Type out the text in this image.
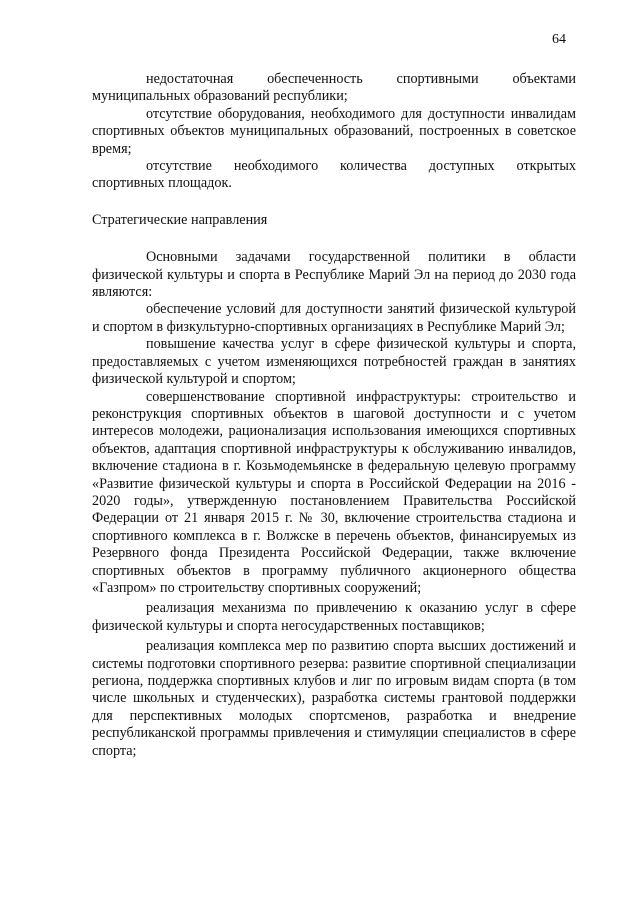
64

недостаточная обеспеченность спортивными объектами муниципальных образований республики;

отсутствие оборудования, необходимого для доступности инвалидам спортивных объектов муниципальных образований, построенных в советское время;

отсутствие необходимого количества доступных открытых спортивных площадок.

Стратегические направления

Основными задачами государственной политики в области физической культуры и спорта в Республике Марий Эл на период до 2030 года являются:

обеспечение условий для доступности занятий физической культурой и спортом в физкультурно-спортивных организациях в Республике Марий Эл;

повышение качества услуг в сфере физической культуры и спорта, предоставляемых с учетом изменяющихся потребностей граждан в занятиях физической культурой и спортом;

совершенствование спортивной инфраструктуры: строительство и реконструкция спортивных объектов в шаговой доступности и с учетом интересов молодежи, рационализация использования имеющихся спортивных объектов, адаптация спортивной инфраструктуры к обслуживанию инвалидов, включение стадиона в г. Козьмодемьянске в федеральную целевую программу «Развитие физической культуры и спорта в Российской Федерации на 2016 - 2020 годы», утвержденную постановлением Правительства Российской Федерации от 21 января 2015 г. № 30, включение строительства стадиона и спортивного комплекса в г. Волжске в перечень объектов, финансируемых из Резервного фонда Президента Российской Федерации, также включение спортивных объектов в программу публичного акционерного общества «Газпром» по строительству спортивных сооружений;

реализация механизма по привлечению к оказанию услуг в сфере физической культуры и спорта негосударственных поставщиков;

реализация комплекса мер по развитию спорта высших достижений и системы подготовки спортивного резерва: развитие спортивной специализации региона, поддержка спортивных клубов и лиг по игровым видам спорта (в том числе школьных и студенческих), разработка системы грантовой поддержки для перспективных молодых спортсменов, разработка и внедрение республиканской программы привлечения и стимуляции специалистов в сфере спорта;
